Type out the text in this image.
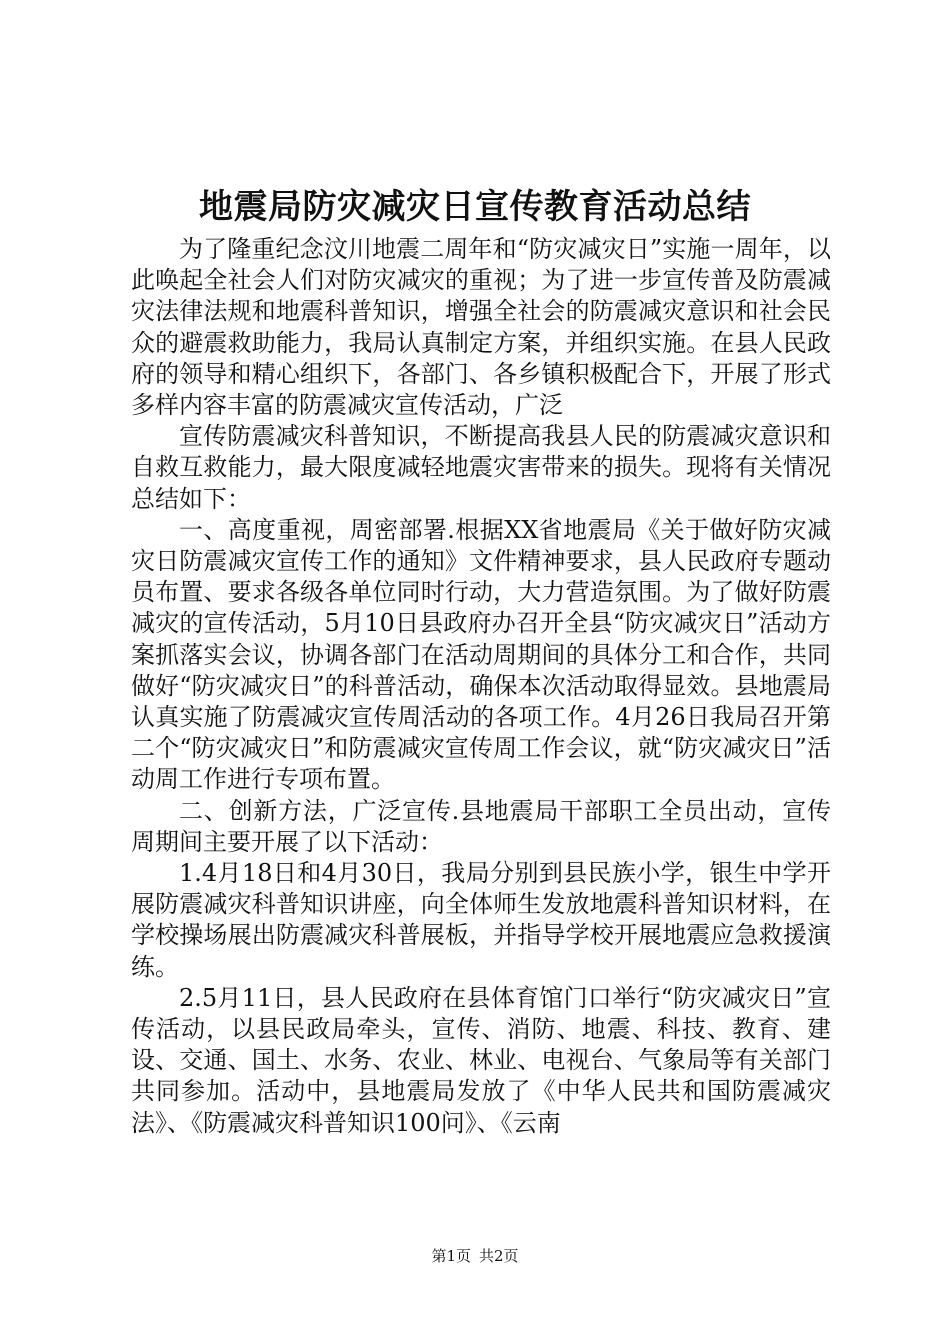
地震局防灾减灾日宣传教育活动总结

为了隆重纪念汶川地震二周年和“防灾减灾日”实施一周年，以此唤起全社会人们对防灾减灾的重视；为了进一步宣传普及防震减灾法律法规和地震科普知识，增强全社会的防震减灾意识和社会民众的避震救助能力，我局认真制定方案，并组织实施。在县人民政府的领导和精心组织下，各部门、各乡镇积极配合下，开展了形式多样内容丰富的防震减灾宣传活动，广泛

宣传防震减灾科普知识，不断提高我县人民的防震减灾意识和自救互救能力，最大限度减轻地震灾害带来的损失。现将有关情况总结如下：

一、高度重视，周密部署.根据XX省地震局《关于做好防灾减灾日防震减灾宣传工作的通知》文件精神要求，县人民政府专题动员布置、要求各级各单位同时行动，大力营造氛围。为了做好防震减灾的宣传活动，5月10日县政府办召开全县“防灾减灾日”活动方案抓落实会议，协调各部门在活动周期间的具体分工和合作，共同做好“防灾减灾日”的科普活动，确保本次活动取得显效。县地震局认真实施了防震减灾宣传周活动的各项工作。4月26日我局召开第二个“防灾减灾日”和防震减灾宣传周工作会议，就“防灾减灾日”活动周工作进行专项布置。

二、创新方法，广泛宣传.县地震局干部职工全员出动，宣传周期间主要开展了以下活动：

1.4月18日和4月30日，我局分别到县民族小学，银生中学开展防震减灾科普知识讲座，向全体师生发放地震科普知识材料，在学校操场展出防震减灾科普展板，并指导学校开展地震应急救援演练。

2.5月11日，县人民政府在县体育馆门口举行“防灾减灾日”宣传活动，以县民政局牵头，宣传、消防、地震、科技、教育、建设、交通、国土、水务、农业、林业、电视台、气象局等有关部门共同参加。活动中，县地震局发放了《中华人民共和国防震减灾法》、《防震减灾科普知识100问》、《云南

第1页 共2页
